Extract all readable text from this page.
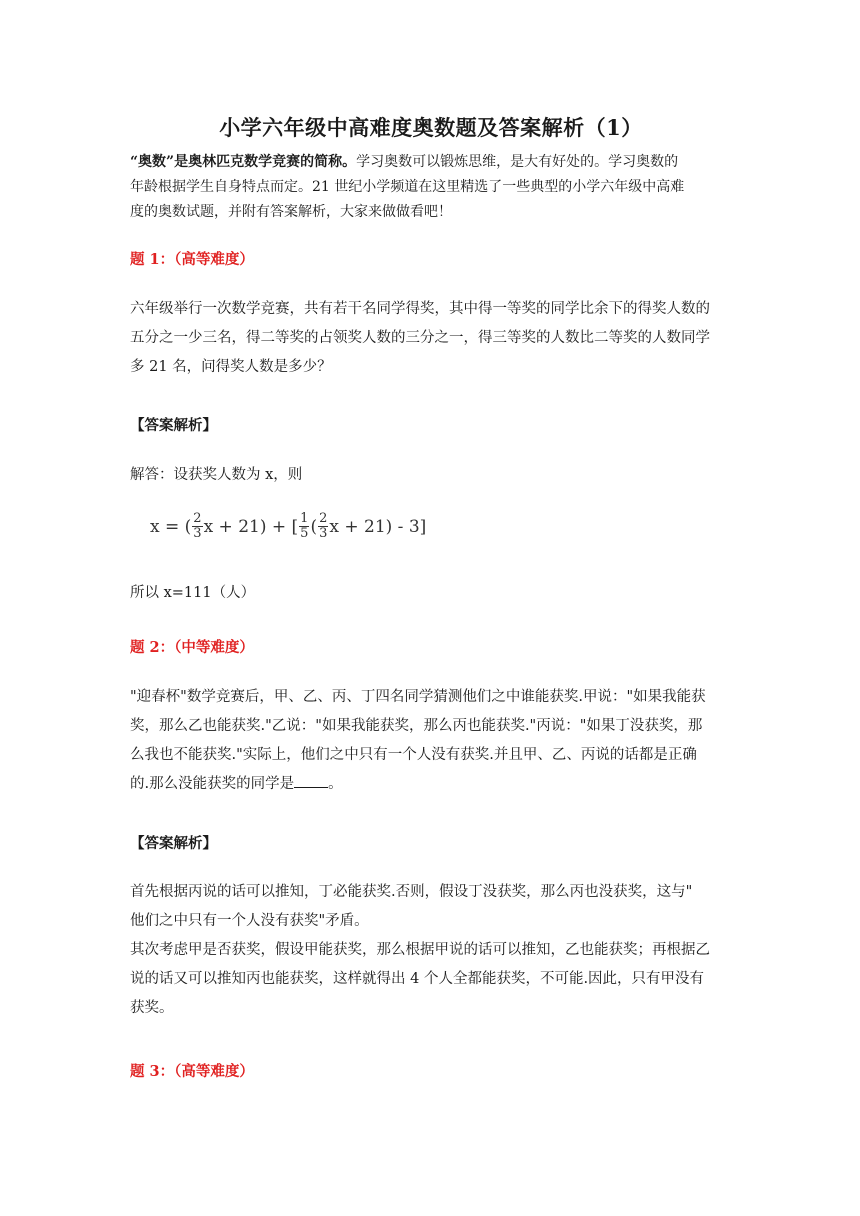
小学六年级中高难度奥数题及答案解析（1）
“奥数”是奥林匹克数学竞赛的简称。学习奥数可以锻炼思维，是大有好处的。学习奥数的
年龄根据学生自身特点而定。21 世纪小学频道在这里精选了一些典型的小学六年级中高难
度的奥数试题，并附有答案解析，大家来做做看吧！
题 1：（高等难度）
六年级举行一次数学竞赛，共有若干名同学得奖，其中得一等奖的同学比余下的得奖人数的
五分之一少三名，得二等奖的占领奖人数的三分之一，得三等奖的人数比二等奖的人数同学
多 21 名，问得奖人数是多少？
【答案解析】
解答：设获奖人数为 x，则
x = ( $\frac{2}{3}$ x + 21) + [ $\frac{1}{5}$ ( $\frac{2}{3}$ x + 21) - 3]
所以 x=111（人）
题 2：（中等难度）
"迎春杯"数学竞赛后，甲、乙、丙、丁四名同学猜测他们之中谁能获奖.甲说："如果我能获
奖，那么乙也能获奖."乙说："如果我能获奖，那么丙也能获奖."丙说："如果丁没获奖，那
么我也不能获奖."实际上，他们之中只有一个人没有获奖.并且甲、乙、丙说的话都是正确
的.那么没能获奖的同学是 。
【答案解析】
首先根据丙说的话可以推知，丁必能获奖.否则，假设丁没获奖，那么丙也没获奖，这与"
他们之中只有一个人没有获奖"矛盾。
其次考虑甲是否获奖，假设甲能获奖，那么根据甲说的话可以推知，乙也能获奖；再根据乙
说的话又可以推知丙也能获奖，这样就得出 4 个人全都能获奖，不可能.因此，只有甲没有
获奖。
题 3：（高等难度）
